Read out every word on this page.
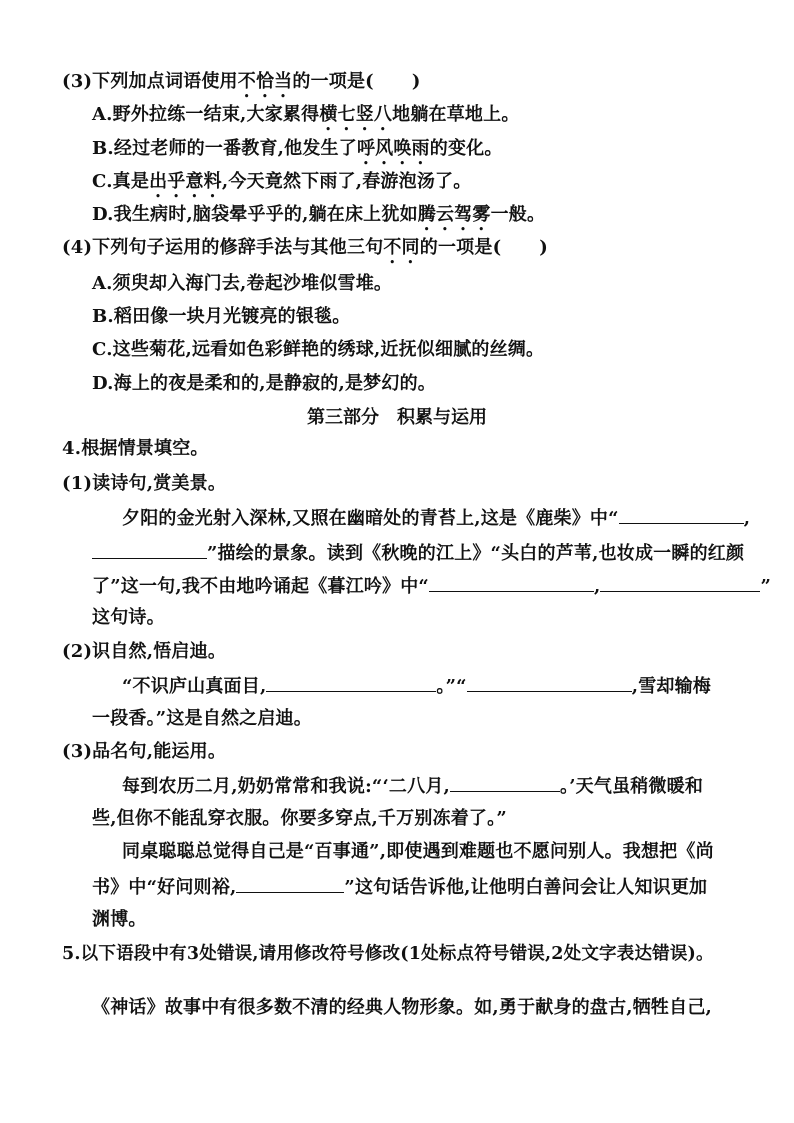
(3)下列加点词语使用不恰当的一项是( )
A.野外拉练一结束,大家累得横七竖八地躺在草地上。
B.经过老师的一番教育,他发生了呼风唤雨的变化。
C.真是出乎意料,今天竟然下雨了,春游泡汤了。
D.我生病时,脑袋晕乎乎的,躺在床上犹如腾云驾雾一般。
(4)下列句子运用的修辞手法与其他三句不同的一项是( )
A.须臾却入海门去,卷起沙堆似雪堆。
B.稻田像一块月光镀亮的银毯。
C.这些菊花,远看如色彩鲜艳的绣球,近抚似细腻的丝绸。
D.海上的夜是柔和的,是静寂的,是梦幻的。
第三部分　积累与运用
4.根据情景填空。
(1)读诗句,赏美景。
夕阳的金光射入深林,又照在幽暗处的青苔上,这是《鹿柴》中“	,
”描绘的景象。读到《秋晚的江上》“头白的芦苇,也妆成一瞬的红颜
了”这一句,我不由地吟诵起《暮江吟》中“	,	”
这句诗。
(2)识自然,悟启迪。
“不识庐山真面目,	。”“	,雪却输梅
一段香。”这是自然之启迪。
(3)品名句,能运用。
每到农历二月,奶奶常常和我说:“‘二八月,	。’天气虽稍微暖和
些,但你不能乱穿衣服。你要多穿点,千万别冻着了。”
同桌聪聪总觉得自己是“百事通”,即使遇到难题也不愿问别人。我想把《尚
书》中“好问则裕,	”这句话告诉他,让他明白善问会让人知识更加
渊博。
5.以下语段中有3处错误,请用修改符号修改(1处标点符号错误,2处文字表达错误)。
《神话》故事中有很多数不清的经典人物形象。如,勇于献身的盘古,牺牲自己,
